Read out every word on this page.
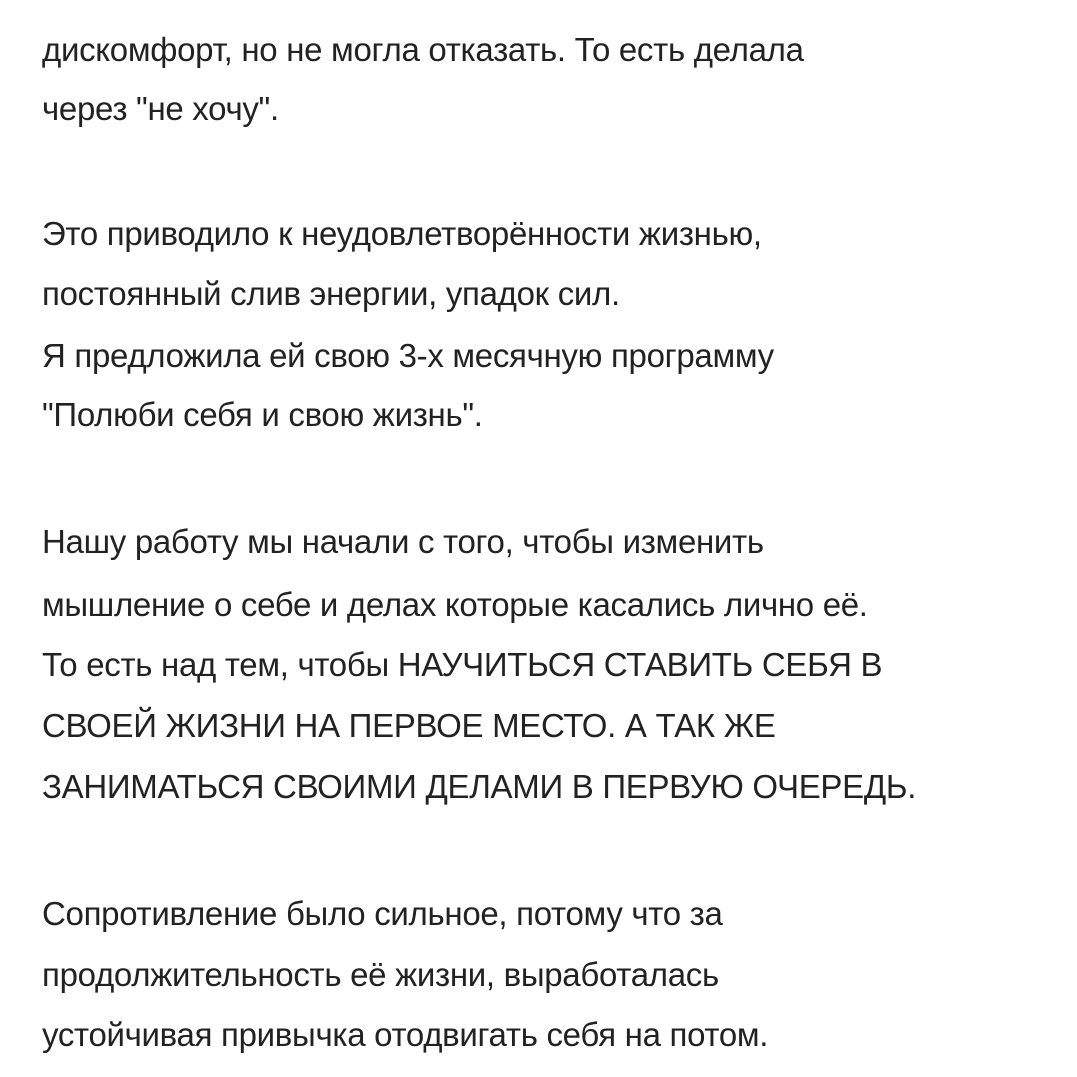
дискомфорт, но не могла отказать. То есть делала
через "не хочу".
Это приводило к неудовлетворённости жизнью,
постоянный слив энергии, упадок сил.
Я предложила ей свою 3-х месячную программу
"Полюби себя и свою жизнь".
Нашу работу мы начали с того, чтобы изменить
мышление о себе и делах которые касались лично её.
То есть над тем, чтобы НАУЧИТЬСЯ СТАВИТЬ СЕБЯ В
СВОЕЙ ЖИЗНИ НА ПЕРВОЕ МЕСТО. А ТАК ЖЕ
ЗАНИМАТЬСЯ СВОИМИ ДЕЛАМИ В ПЕРВУЮ ОЧЕРЕДЬ.
Сопротивление было сильное, потому что за
продолжительность её жизни, выработалась
устойчивая привычка отодвигать себя на потом.
